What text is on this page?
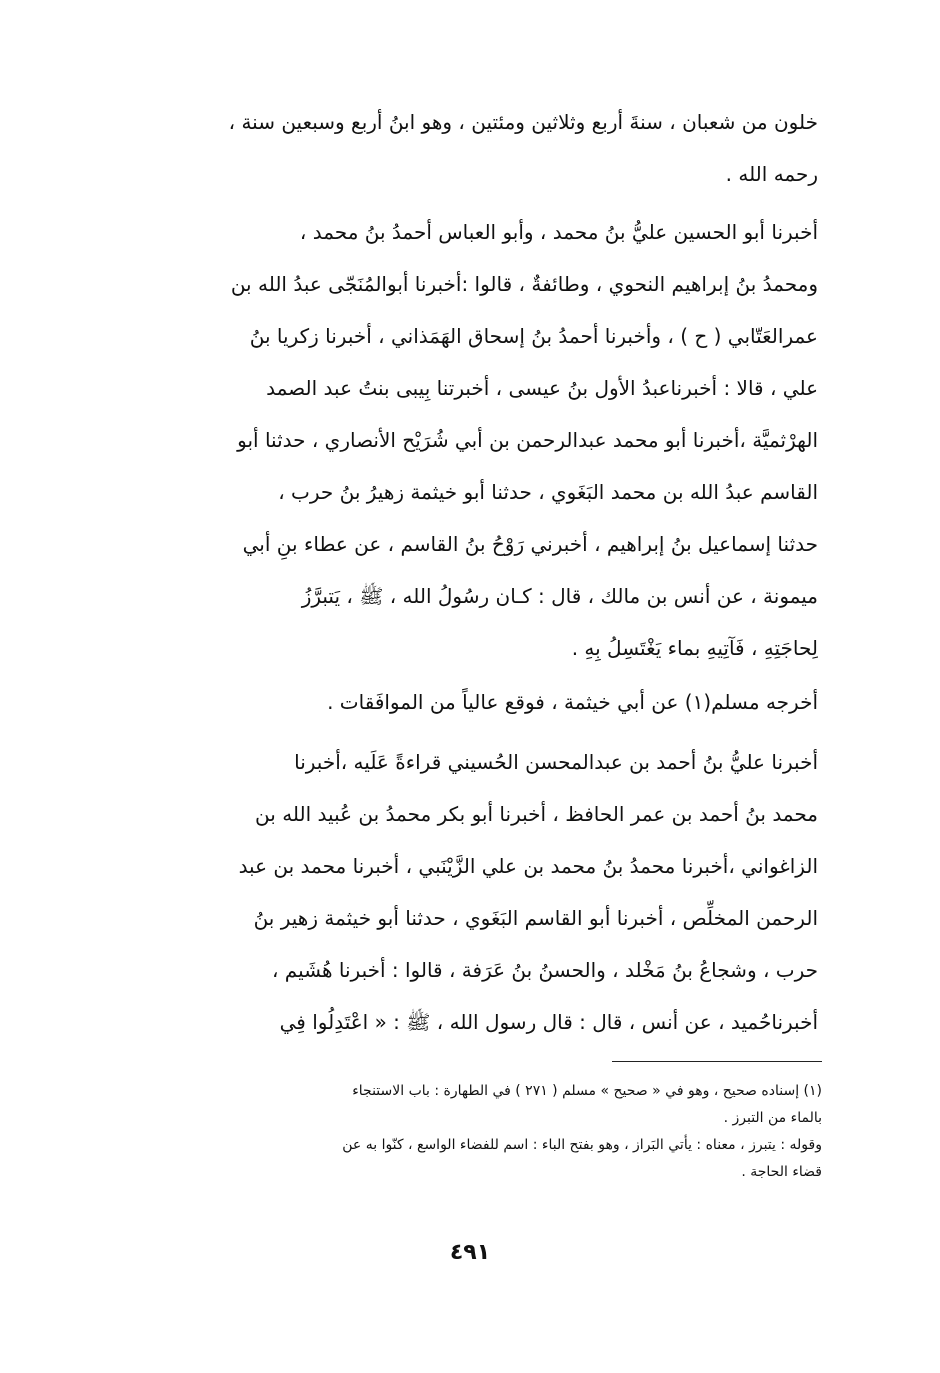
خلون من شعبان ، سنةَ أربع وثلاثين ومئتين ، وهو ابنُ أربع وسبعين سنة ،
رحمه الله .
أخبرنا أبو الحسين عليُّ بنُ محمد ، وأبو العباس أحمدُ بنُ محمد ،
ومحمدُ بنُ إبراهيم النحوي ، وطائفةٌ ، قالوا :أخبرنا أبوالمُنَجّى عبدُ الله بن
عمرالعَتّابي ( ح ) ، وأخبرنا أحمدُ بنُ إسحاق الهَمَذاني ، أخبرنا زكريا بنُ
علي ، قالا : أخبرناعبدُ الأول بنُ عيسى ، أخبرتنا بِيبى بنتُ عبد الصمد
الهرْثميَّة ،أخبرنا أبو محمد عبدالرحمن بن أبي شُرَيْح الأنصاري ، حدثنا أبو
القاسم عبدُ الله بن محمد البَغَوي ، حدثنا أبو خيثمة زهيرُ بنُ حرب ،
حدثنا إسماعيل بنُ إبراهيم ، أخبرني رَوْحُ بنُ القاسم ، عن عطاء بنِ أبي
ميمونة ، عن أنس بن مالك ، قال : كـان رسُولُ الله ، ﷺ ، يَتبرَّزُ
لِحاجَتِهِ ، فَآتِيهِ بماء يَغْتَسِلُ بِهِ .
أخرجه مسلم(١) عن أبي خيثمة ، فوقع عالياً من الموافَقات .
أخبرنا عليُّ بنُ أحمد بن عبدالمحسن الحُسيني قراءةً عَلَيه ،أخبرنا
محمد بنُ أحمد بن عمر الحافظ ، أخبرنا أبو بكر محمدُ بن عُبيد الله بن
الزاغواني ،أخبرنا محمدُ بنُ محمد بن علي الزَّيْنَبي ، أخبرنا محمد بن عبد
الرحمن المخلِّص ، أخبرنا أبو القاسم البَغَوي ، حدثنا أبو خيثمة زهير بنُ
حرب ، وشجاعُ بنُ مَخْلد ، والحسنُ بنُ عَرَفة ، قالوا : أخبرنا هُشَيم ،
أخبرناحُميد ، عن أنس ، قال : قال رسول الله ، ﷺ : « اعْتَدِلُوا فِي
(١) إسناده صحيح ، وهو في « صحيح » مسلم ( ٢٧١ ) في الطهارة : باب الاستنجاء
بالماء من التبرز .
وقوله : يتبرز ، معناه : يأتي البَراز ، وهو بفتح الباء : اسم للفضاء الواسع ، كنّوا به عن
قضاء الحاجة .
٤٩١
